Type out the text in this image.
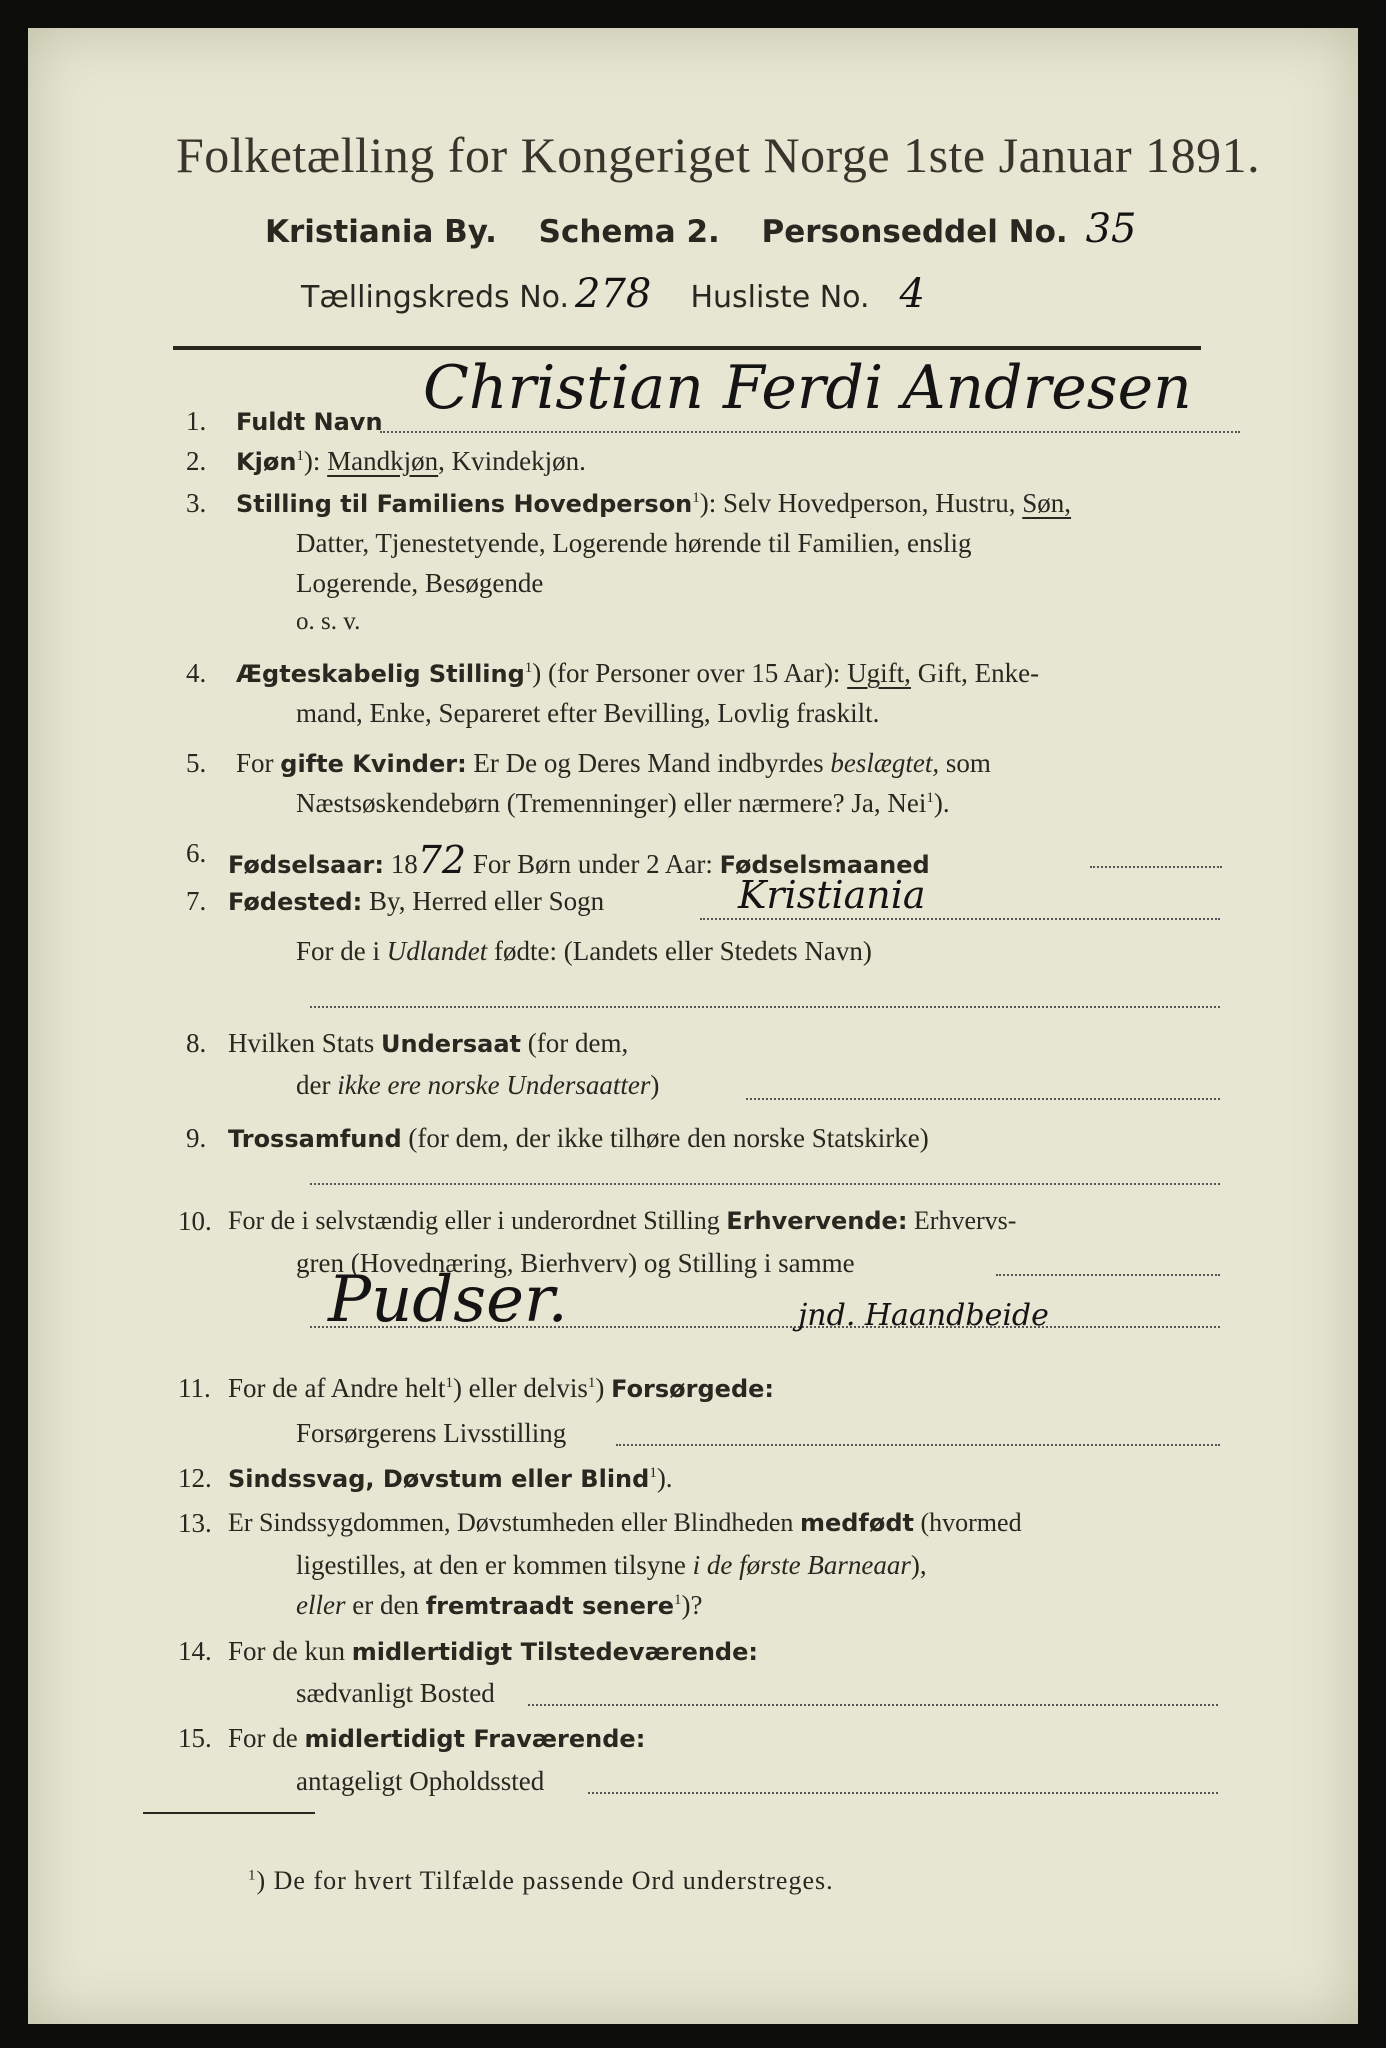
Folketælling for Kongeriget Norge 1ste Januar 1891.
Kristiania By. Schema 2. Personseddel No. 35
Tællingskreds No. 278 Husliste No. 4
1. Fuldt Navn Christian Ferdi Andresen
2. Kjøn$^1$): Mandkjøn, Kvindekjøn.
3. Stilling til Familiens Hovedperson$^1$): Selv Hovedperson, Hustru, Søn,
Datter, Tjenestetyende, Logerende hørende til Familien, enslig
Logerende, Besøgende
o. s. v.
4. Ægteskabelig Stilling$^1$) (for Personer over 15 Aar): Ugift, Gift, Enke-
mand, Enke, Separeret efter Bevilling, Lovlig fraskilt.
5. For gifte Kvinder: Er De og Deres Mand indbyrdes beslægtet, som
Næstsøskendebørn (Tremenninger) eller nærmere? Ja, Nei$^1$).
6. Fødselsaar: 1872 For Børn under 2 Aar: Fødselsmaaned
7. Fødested: By, Herred eller Sogn	Kristiania
For de i Udlandet fødte: (Landets eller Stedets Navn)
8. Hvilken Stats Undersaat (for dem,
der ikke ere norske Undersaatter)
9. Trossamfund (for dem, der ikke tilhøre den norske Statskirke)
10. For de i selvstændig eller i underordnet Stilling Erhvervende: Erhvervs-
gren (Hovednæring, Bierhverv) og Stilling i samme
Pudser.	jnd. Haandbeide
11. For de af Andre helt$^1$) eller delvis$^1$) Forsørgede:
Forsørgerens Livsstilling
12. Sindssvag, Døvstum eller Blind$^1$).
13. Er Sindssygdommen, Døvstumheden eller Blindheden medfødt (hvormed
ligestilles, at den er kommen tilsyne i de første Barneaar),
eller er den fremtraadt senere$^1$)?
14. For de kun midlertidigt Tilstedeværende:
sædvanligt Bosted
15. For de midlertidigt Fraværende:
antageligt Opholdssted
$^1$) De for hvert Tilfælde passende Ord understreges.
